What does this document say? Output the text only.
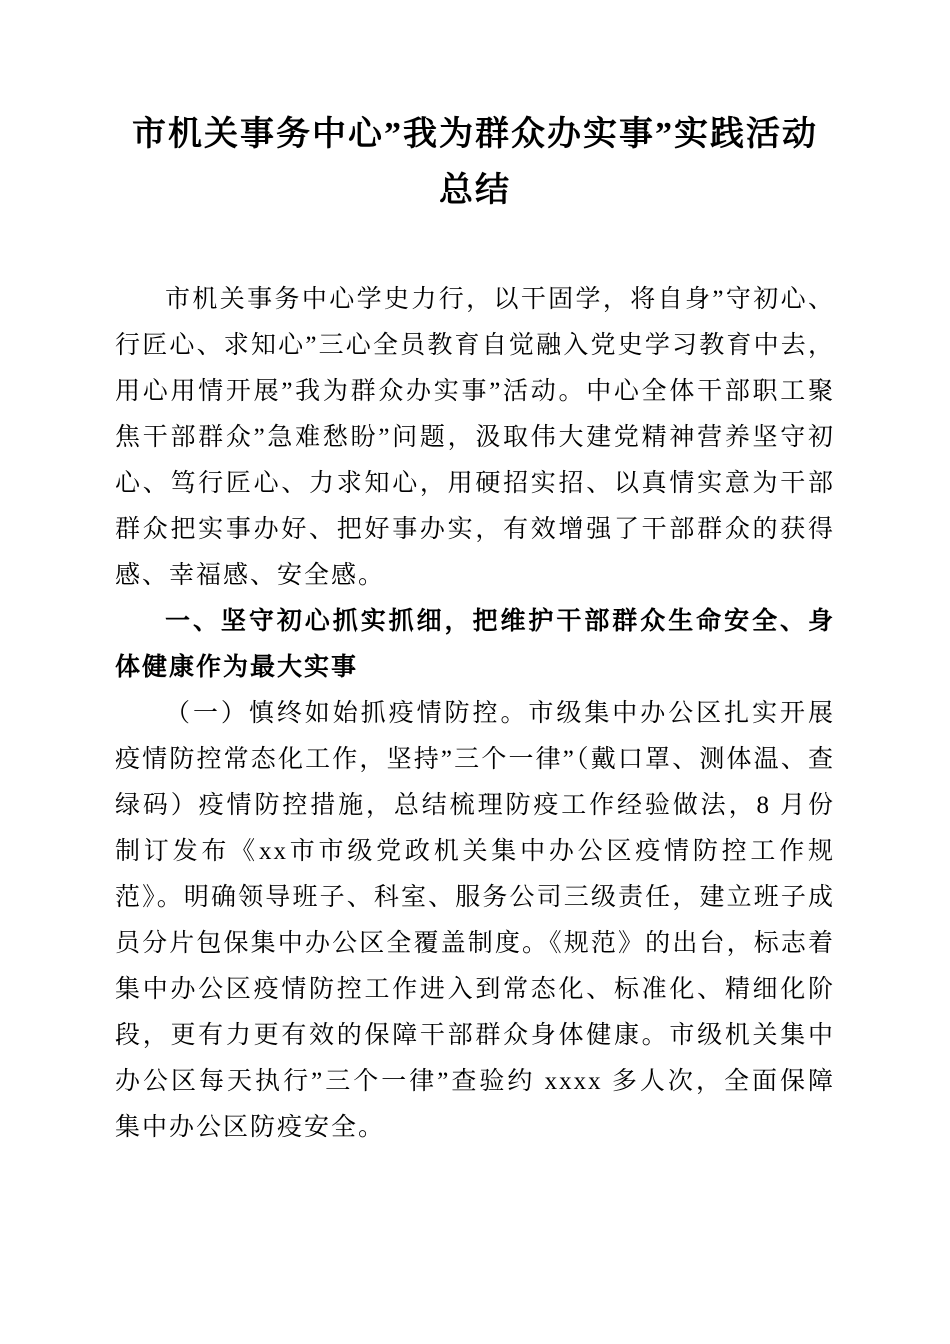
市机关事务中心”我为群众办实事”实践活动总结

市机关事务中心学史力行，以干固学，将自身”守初心、行匠心、求知心”三心全员教育自觉融入党史学习教育中去，用心用情开展”我为群众办实事”活动。中心全体干部职工聚焦干部群众”急难愁盼”问题，汲取伟大建党精神营养坚守初心、笃行匠心、力求知心，用硬招实招、以真情实意为干部群众把实事办好、把好事办实，有效增强了干部群众的获得感、幸福感、安全感。

一、坚守初心抓实抓细，把维护干部群众生命安全、身体健康作为最大实事

（一）慎终如始抓疫情防控。市级集中办公区扎实开展疫情防控常态化工作，坚持”三个一律”（戴口罩、测体温、查绿码）疫情防控措施，总结梳理防疫工作经验做法，8 月份制订发布《xx市市级党政机关集中办公区疫情防控工作规范》。明确领导班子、科室、服务公司三级责任，建立班子成员分片包保集中办公区全覆盖制度。《规范》的出台，标志着集中办公区疫情防控工作进入到常态化、标准化、精细化阶段，更有力更有效的保障干部群众身体健康。市级机关集中办公区每天执行”三个一律”查验约 xxxx 多人次，全面保障集中办公区防疫安全。
